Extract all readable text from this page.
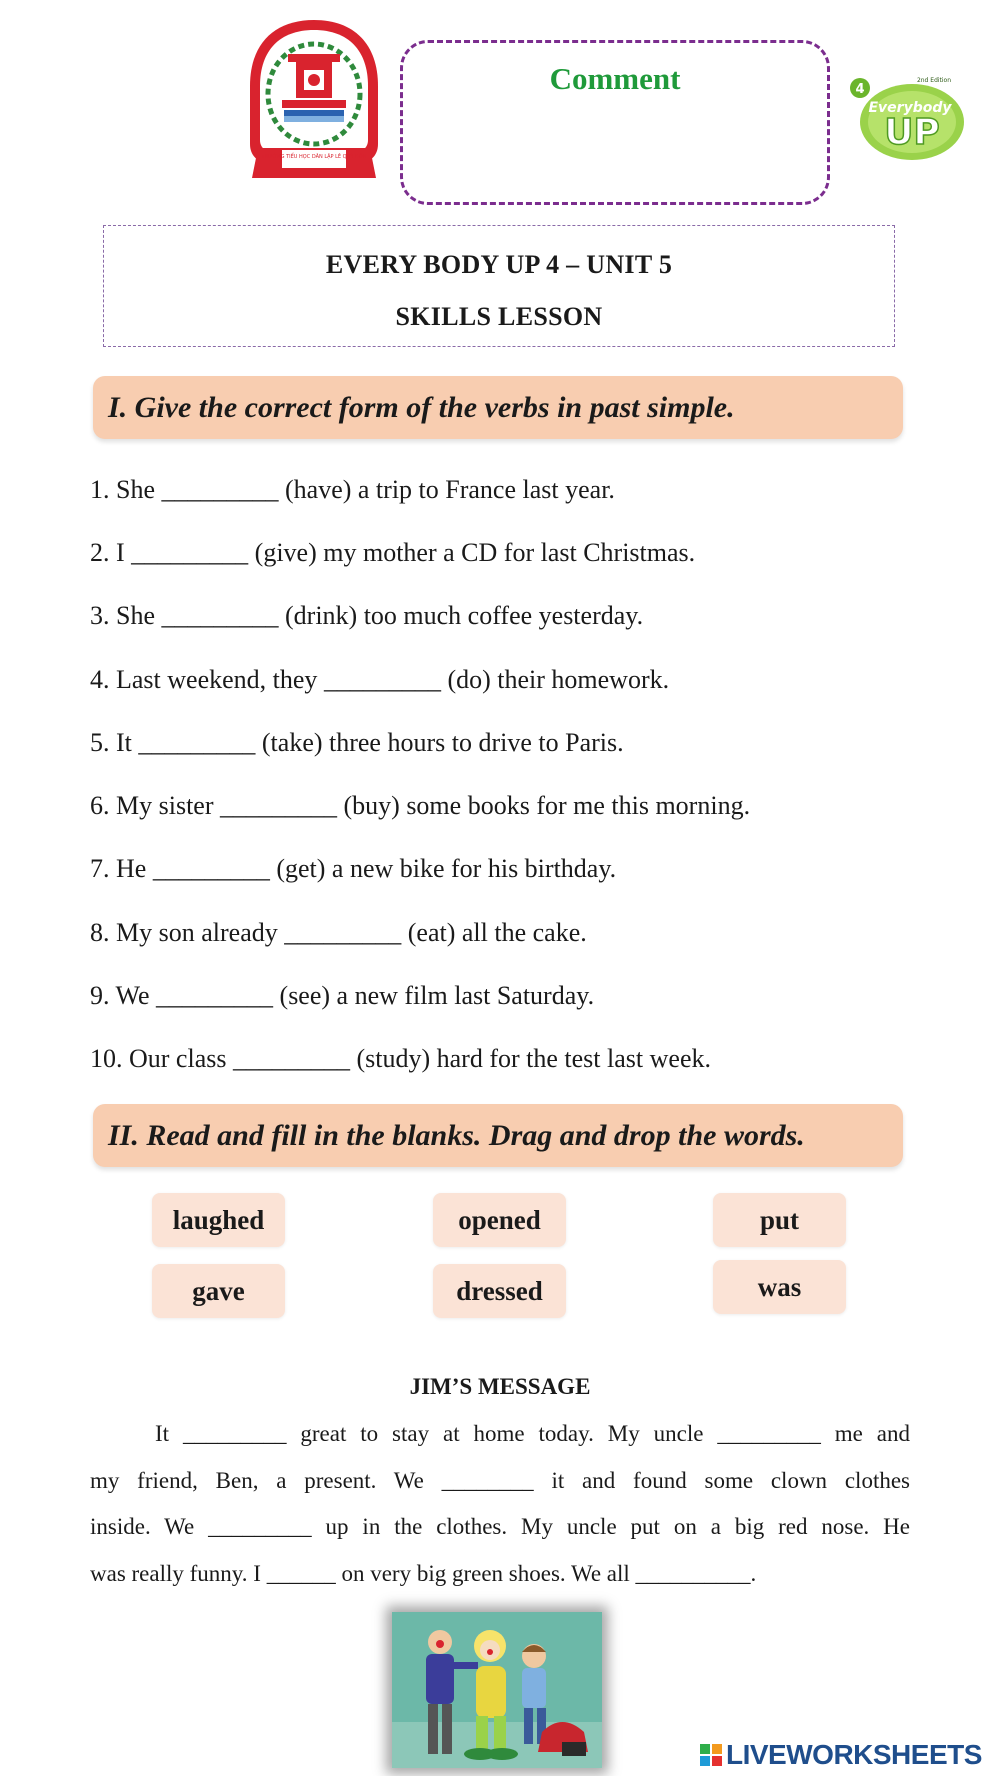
TRƯỜNG TIỂU HỌC DÂN LẬP LÊ QUÝ ĐÔN
Comment	4
2nd Edition
Everybody
UP
EVERY BODY UP 4 – UNIT 5
SKILLS LESSON
I. Give the correct form of the verbs in past simple.
1. She _________ (have) a trip to France last year.
2. I _________ (give) my mother a CD for last Christmas.
3. She _________ (drink) too much coffee yesterday.
4. Last weekend, they _________ (do) their homework.
5. It _________ (take) three hours to drive to Paris.
6. My sister _________ (buy) some books for me this morning.
7. He _________ (get) a new bike for his birthday.
8. My son already _________ (eat) all the cake.
9. We _________ (see) a new film last Saturday.
10. Our class _________ (study) hard for the test last week.
II. Read and fill in the blanks. Drag and drop the words.
laughed	opened	put
gave	dressed	was
JIM’S MESSAGE
It _________ great to stay at home today. My uncle _________ me and
my friend, Ben, a present. We ________ it and found some clown clothes
inside. We _________ up in the clothes. My uncle put on a big red nose. He
was really funny. I ______ on very big green shoes. We all __________.
LIVEWORKSHEETS
